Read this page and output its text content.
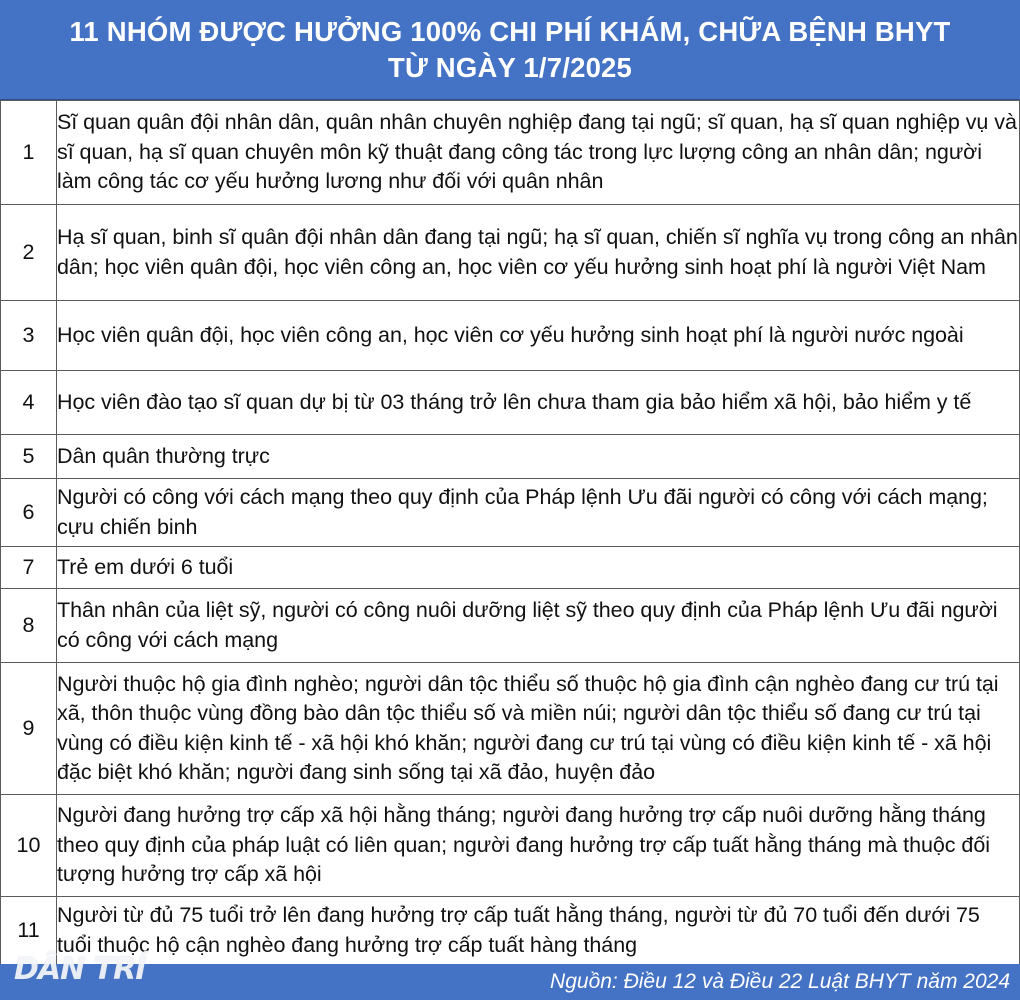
11 NHÓM ĐƯỢC HƯỞNG 100% CHI PHÍ KHÁM, CHỮA BỆNH BHYT
TỪ NGÀY 1/7/2025
1	Sĩ quan quân đội nhân dân, quân nhân chuyên nghiệp đang tại ngũ; sĩ quan, hạ sĩ quan nghiệp vụ và sĩ quan, hạ sĩ quan chuyên môn kỹ thuật đang công tác trong lực lượng công an nhân dân; người làm công tác cơ yếu hưởng lương như đối với quân nhân
2	Hạ sĩ quan, binh sĩ quân đội nhân dân đang tại ngũ; hạ sĩ quan, chiến sĩ nghĩa vụ trong công an nhân dân; học viên quân đội, học viên công an, học viên cơ yếu hưởng sinh hoạt phí là người Việt Nam
3	Học viên quân đội, học viên công an, học viên cơ yếu hưởng sinh hoạt phí là người nước ngoài
4	Học viên đào tạo sĩ quan dự bị từ 03 tháng trở lên chưa tham gia bảo hiểm xã hội, bảo hiểm y tế
5	Dân quân thường trực
6	Người có công với cách mạng theo quy định của Pháp lệnh Ưu đãi người có công với cách mạng; cựu chiến binh
7	Trẻ em dưới 6 tuổi
8	Thân nhân của liệt sỹ, người có công nuôi dưỡng liệt sỹ theo quy định của Pháp lệnh Ưu đãi người có công với cách mạng
9	Người thuộc hộ gia đình nghèo; người dân tộc thiểu số thuộc hộ gia đình cận nghèo đang cư trú tại xã, thôn thuộc vùng đồng bào dân tộc thiểu số và miền núi; người dân tộc thiểu số đang cư trú tại vùng có điều kiện kinh tế - xã hội khó khăn; người đang cư trú tại vùng có điều kiện kinh tế - xã hội đặc biệt khó khăn; người đang sinh sống tại xã đảo, huyện đảo
10	Người đang hưởng trợ cấp xã hội hằng tháng; người đang hưởng trợ cấp nuôi dưỡng hằng tháng theo quy định của pháp luật có liên quan; người đang hưởng trợ cấp tuất hằng tháng mà thuộc đối tượng hưởng trợ cấp xã hội
11	Người từ đủ 75 tuổi trở lên đang hưởng trợ cấp tuất hằng tháng, người từ đủ 70 tuổi đến dưới 75 tuổi thuộc hộ cận nghèo đang hưởng trợ cấp tuất hàng tháng
Nguồn: Điều 12 và Điều 22 Luật BHYT năm 2024
DÂN TRÍ
